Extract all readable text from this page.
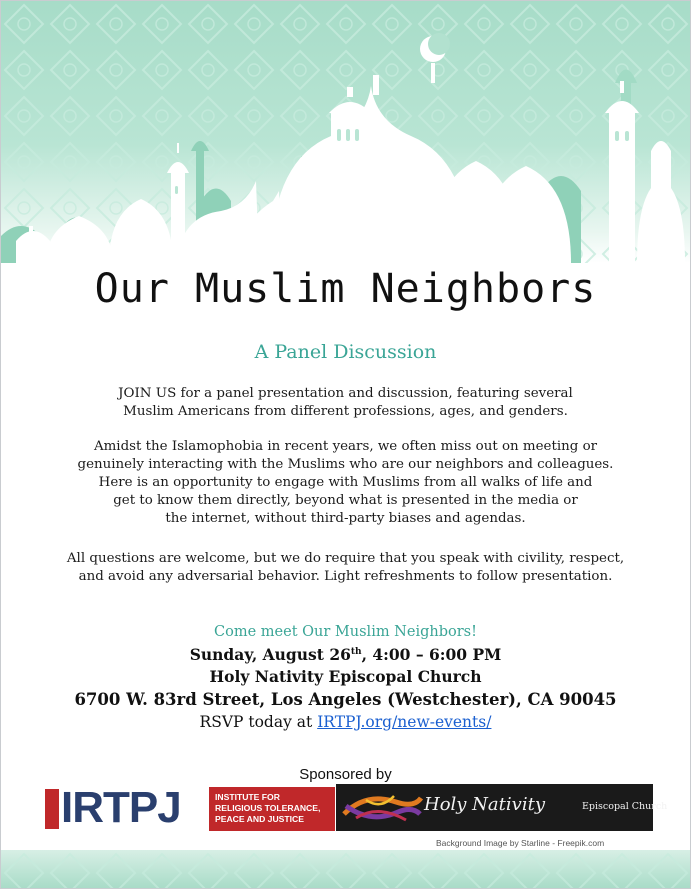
Our Muslim Neighbors
A Panel Discussion
JOIN US for a panel presentation and discussion, featuring several
Muslim Americans from different professions, ages, and genders.
Amidst the Islamophobia in recent years, we often miss out on meeting or
genuinely interacting with the Muslims who are our neighbors and colleagues.
Here is an opportunity to engage with Muslims from all walks of life and
get to know them directly, beyond what is presented in the media or
the internet, without third-party biases and agendas.
All questions are welcome, but we do require that you speak with civility, respect,
and avoid any adversarial behavior. Light refreshments to follow presentation.
Come meet Our Muslim Neighbors!
Sunday, August 26th, 4:00 – 6:00 PM
Holy Nativity Episcopal Church
6700 W. 83rd Street, Los Angeles (Westchester), CA 90045
RSVP today at IRTPJ.org/new-events/
Sponsored by
IRTPJ	INSTITUTE FOR
RELIGIOUS TOLERANCE,
PEACE AND JUSTICE
Holy Nativity	Episcopal Church
Background Image by Starline - Freepik.com
